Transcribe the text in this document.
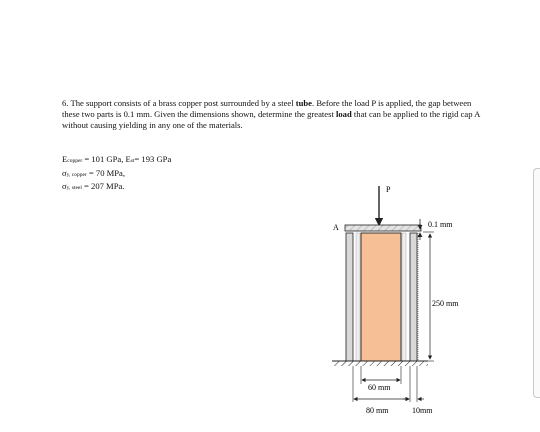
6. The support consists of a brass copper post surrounded by a steel tube. Before the load P is applied, the gap between these two parts is 0.1 mm. Given the dimensions shown, determine the greatest load that can be applied to the rigid cap A without causing yielding in any one of the materials.

Ecopper = 101 GPa, Est= 193 GPa
σy, copper = 70 MPa,
σy, steel = 207 MPa.	P
A	0.1 mm
250 mm
60 mm
80 mm	10mm
